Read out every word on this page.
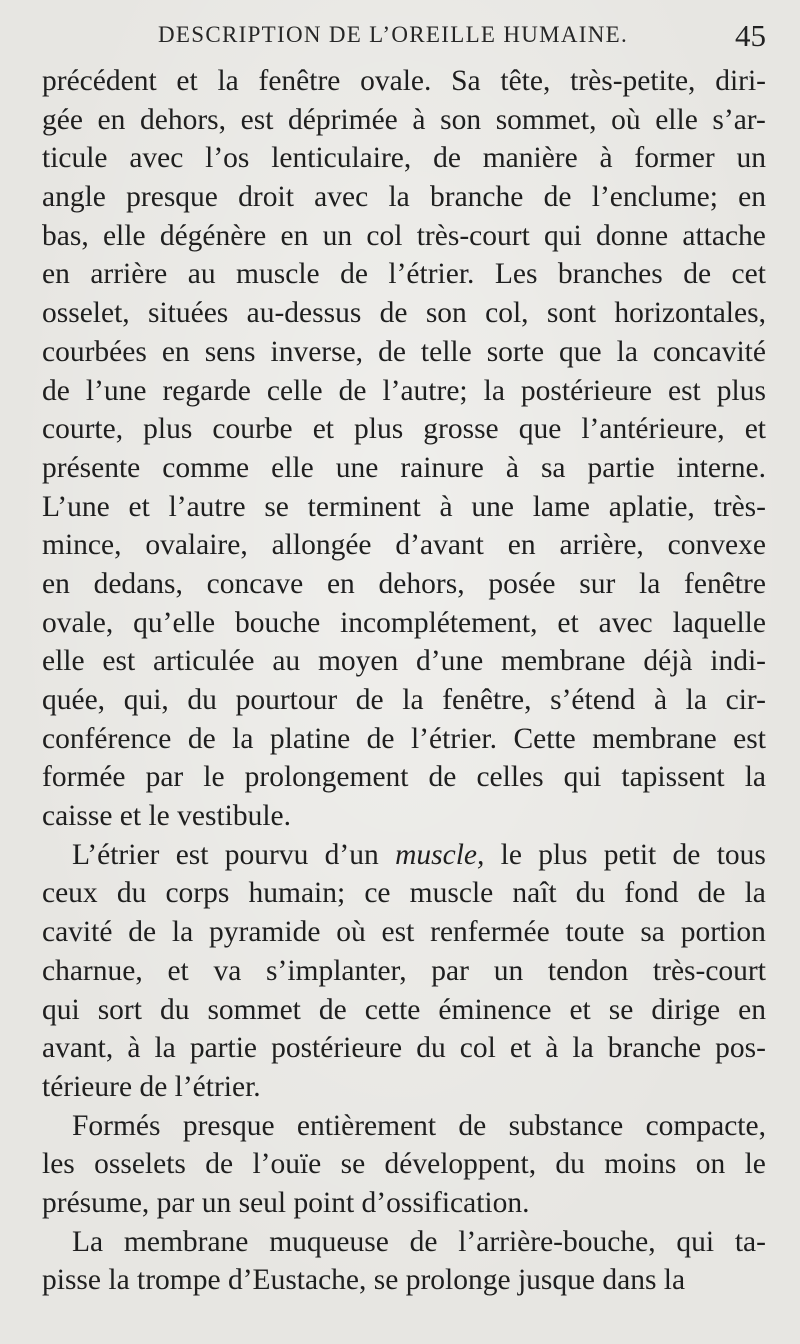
DESCRIPTION DE L’OREILLE HUMAINE.	45
précédent et la fenêtre ovale. Sa tête, très-petite, diri-
gée en dehors, est déprimée à son sommet, où elle s’ar-
ticule avec l’os lenticulaire, de manière à former un
angle presque droit avec la branche de l’enclume; en
bas, elle dégénère en un col très-court qui donne attache
en arrière au muscle de l’étrier. Les branches de cet
osselet, situées au-dessus de son col, sont horizontales,
courbées en sens inverse, de telle sorte que la concavité
de l’une regarde celle de l’autre; la postérieure est plus
courte, plus courbe et plus grosse que l’antérieure, et
présente comme elle une rainure à sa partie interne.
L’une et l’autre se terminent à une lame aplatie, très-
mince, ovalaire, allongée d’avant en arrière, convexe
en dedans, concave en dehors, posée sur la fenêtre
ovale, qu’elle bouche incomplétement, et avec laquelle
elle est articulée au moyen d’une membrane déjà indi-
quée, qui, du pourtour de la fenêtre, s’étend à la cir-
conférence de la platine de l’étrier. Cette membrane est
formée par le prolongement de celles qui tapissent la
caisse et le vestibule.
L’étrier est pourvu d’un muscle, le plus petit de tous
ceux du corps humain; ce muscle naît du fond de la
cavité de la pyramide où est renfermée toute sa portion
charnue, et va s’implanter, par un tendon très-court
qui sort du sommet de cette éminence et se dirige en
avant, à la partie postérieure du col et à la branche pos-
térieure de l’étrier.
Formés presque entièrement de substance compacte,
les osselets de l’ouïe se développent, du moins on le
présume, par un seul point d’ossification.
La membrane muqueuse de l’arrière-bouche, qui ta-
pisse la trompe d’Eustache, se prolonge jusque dans la
